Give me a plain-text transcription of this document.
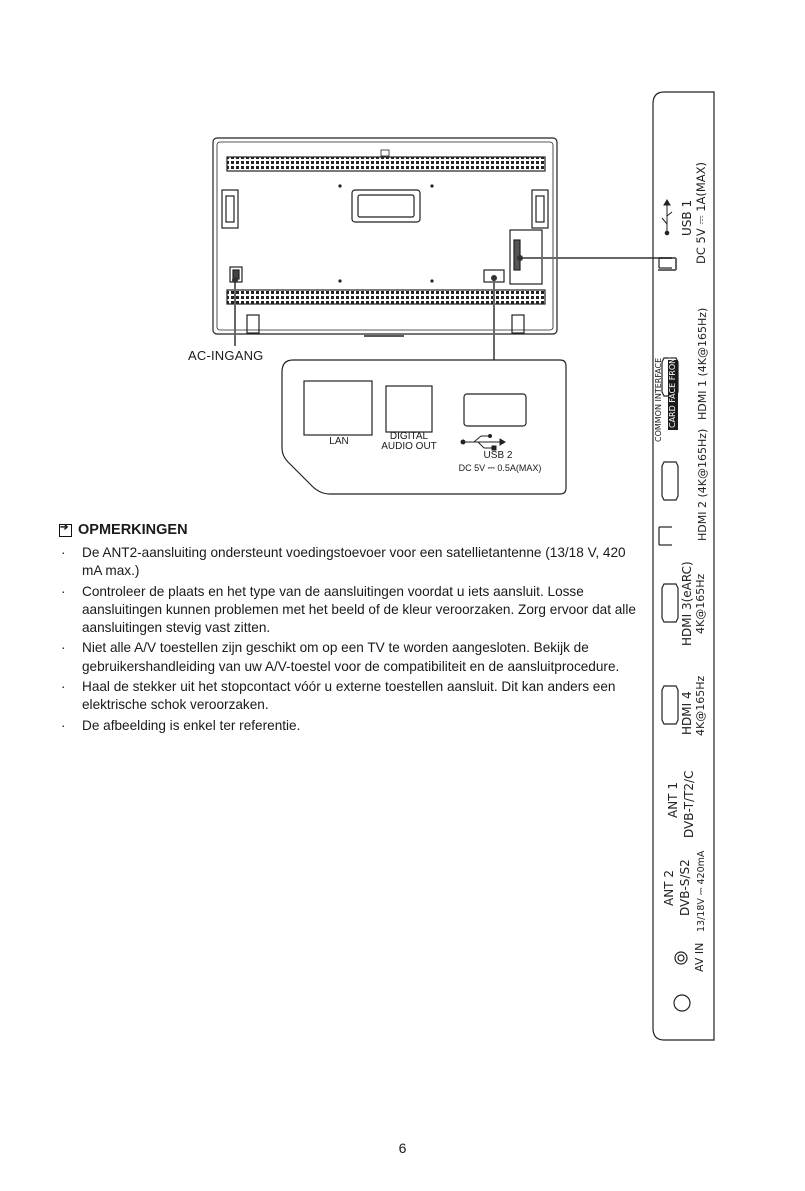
AC-INGANG
LAN	DIGITAL
AUDIO OUT
USB 2
DC 5V ⎓ 0.5A(MAX)
USB 1 DC 5V ⎓ 1A(MAX)
HDMI 1 (4K@165Hz)
COMMON INTERFACE CARD FACE FRONT
HDMI 2 (4K@165Hz)
HDMI 3(eARC) 4K@165Hz
HDMI 4 4K@165Hz
ANT 1 DVB-T/T2/C
ANT 2 DVB-S/S2 13/18V ⎓ 420mA
AV IN
➔
OPMERKINGEN
· De ANT2-aansluiting ondersteunt voedingstoevoer voor een satellietantenne (13/18 V, 420 mA max.)
· Controleer de plaats en het type van de aansluitingen voordat u iets aansluit. Losse aansluitingen kunnen problemen met het beeld of de kleur veroorzaken. Zorg ervoor dat alle aansluitingen stevig vast zitten.
· Niet alle A/V toestellen zijn geschikt om op een TV te worden aangesloten. Bekijk de gebruikershandleiding van uw A/V-toestel voor de compatibiliteit en de aansluitprocedure.
· Haal de stekker uit het stopcontact vóór u externe toestellen aansluit. Dit kan anders een elektrische schok veroorzaken.
· De afbeelding is enkel ter referentie.
6
